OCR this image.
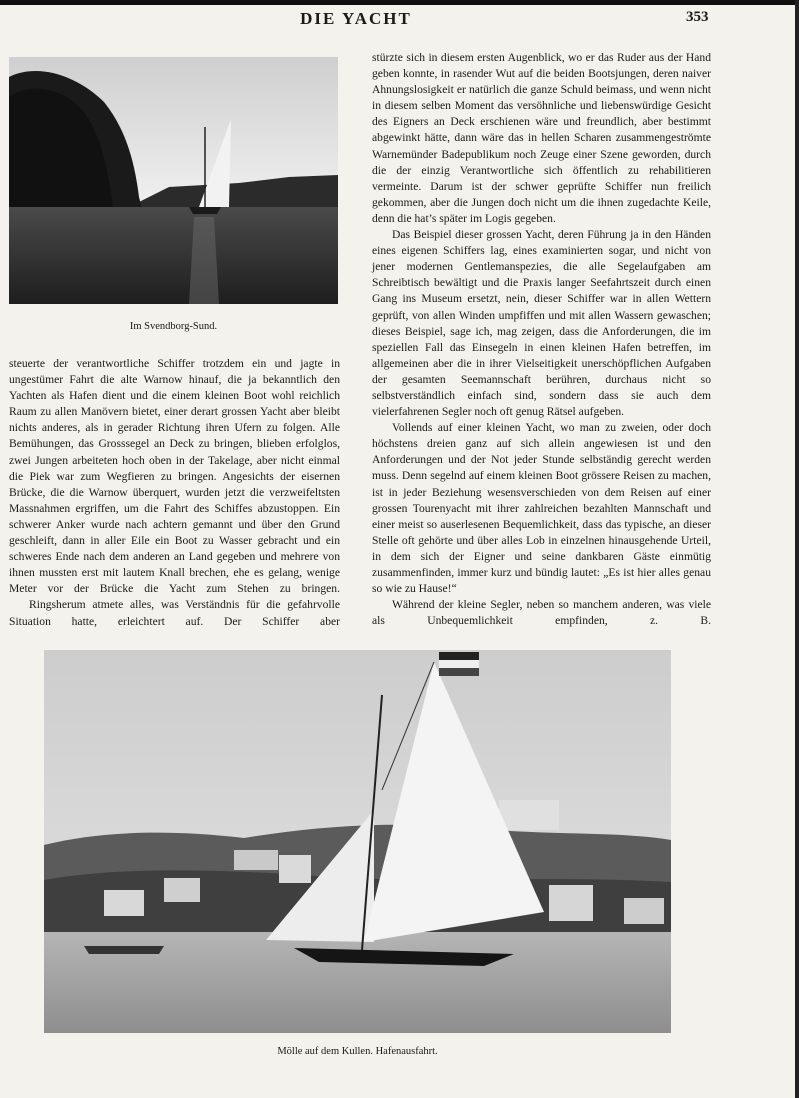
DIE YACHT	353
Im Svendborg-Sund.

steuerte der verantwortliche Schiffer trotzdem ein und jagte in ungestümer Fahrt die alte Warnow hinauf, die ja bekanntlich den Yachten als Hafen dient und die einem kleinen Boot wohl reichlich Raum zu allen Manövern bietet, einer derart grossen Yacht aber bleibt nichts anderes, als in gerader Richtung ihren Ufern zu folgen. Alle Bemühungen, das Grosssegel an Deck zu bringen, blieben erfolglos, zwei Jungen arbeiteten hoch oben in der Takelage, aber nicht einmal die Piek war zum Wegfieren zu bringen. Angesichts der eisernen Brücke, die die Warnow überquert, wurden jetzt die verzweifeltsten Massnahmen ergriffen, um die Fahrt des Schiffes abzustoppen. Ein schwerer Anker wurde nach achtern gemannt und über den Grund geschleift, dann in aller Eile ein Boot zu Wasser gebracht und ein schweres Ende nach dem anderen an Land gegeben und mehrere von ihnen mussten erst mit lautem Knall brechen, ehe es gelang, wenige Meter vor der Brücke die Yacht zum Stehen zu bringen.

Ringsherum atmete alles, was Verständnis für die gefahrvolle Situation hatte, erleichtert auf. Der Schiffer aber

stürzte sich in diesem ersten Augenblick, wo er das Ruder aus der Hand geben konnte, in rasender Wut auf die beiden Bootsjungen, deren naiver Ahnungslosigkeit er natürlich die ganze Schuld beimass, und wenn nicht in diesem selben Moment das versöhnliche und liebenswürdige Gesicht des Eigners an Deck erschienen wäre und freundlich, aber bestimmt abgewinkt hätte, dann wäre das in hellen Scharen zusammengeströmte Warnemünder Badepublikum noch Zeuge einer Szene geworden, durch die der einzig Verantwortliche sich öffentlich zu rehabilitieren vermeinte. Darum ist der schwer geprüfte Schiffer nun freilich gekommen, aber die Jungen doch nicht um die ihnen zugedachte Keile, denn die hat’s später im Logis gegeben.

Das Beispiel dieser grossen Yacht, deren Führung ja in den Händen eines eigenen Schiffers lag, eines examinierten sogar, und nicht von jener modernen Gentlemanspezies, die alle Segelaufgaben am Schreibtisch bewältigt und die Praxis langer Seefahrtszeit durch einen Gang ins Museum ersetzt, nein, dieser Schiffer war in allen Wettern geprüft, von allen Winden umpfiffen und mit allen Wassern gewaschen; dieses Beispiel, sage ich, mag zeigen, dass die Anforderungen, die im speziellen Fall das Einsegeln in einen kleinen Hafen betreffen, im allgemeinen aber die in ihrer Vielseitigkeit unerschöpflichen Aufgaben der gesamten Seemannschaft berühren, durchaus nicht so selbstverständlich einfach sind, sondern dass sie auch dem vielerfahrenen Segler noch oft genug Rätsel aufgeben.

Vollends auf einer kleinen Yacht, wo man zu zweien, oder doch höchstens dreien ganz auf sich allein angewiesen ist und den Anforderungen und der Not jeder Stunde selbständig gerecht werden muss. Denn segelnd auf einem kleinen Boot grössere Reisen zu machen, ist in jeder Beziehung wesensverschieden von dem Reisen auf einer grossen Tourenyacht mit ihrer zahlreichen bezahlten Mannschaft und einer meist so auserlesenen Bequemlichkeit, dass das typische, an dieser Stelle oft gehörte und über alles Lob in einzelnen hinausgehende Urteil, in dem sich der Eigner und seine dankbaren Gäste einmütig zusammenfinden, immer kurz und bündig lautet: „Es ist hier alles genau so wie zu Hause!“

Während der kleine Segler, neben so manchem anderen, was viele als Unbequemlichkeit empfinden, z. B.

Mölle auf dem Kullen. Hafenausfahrt.
